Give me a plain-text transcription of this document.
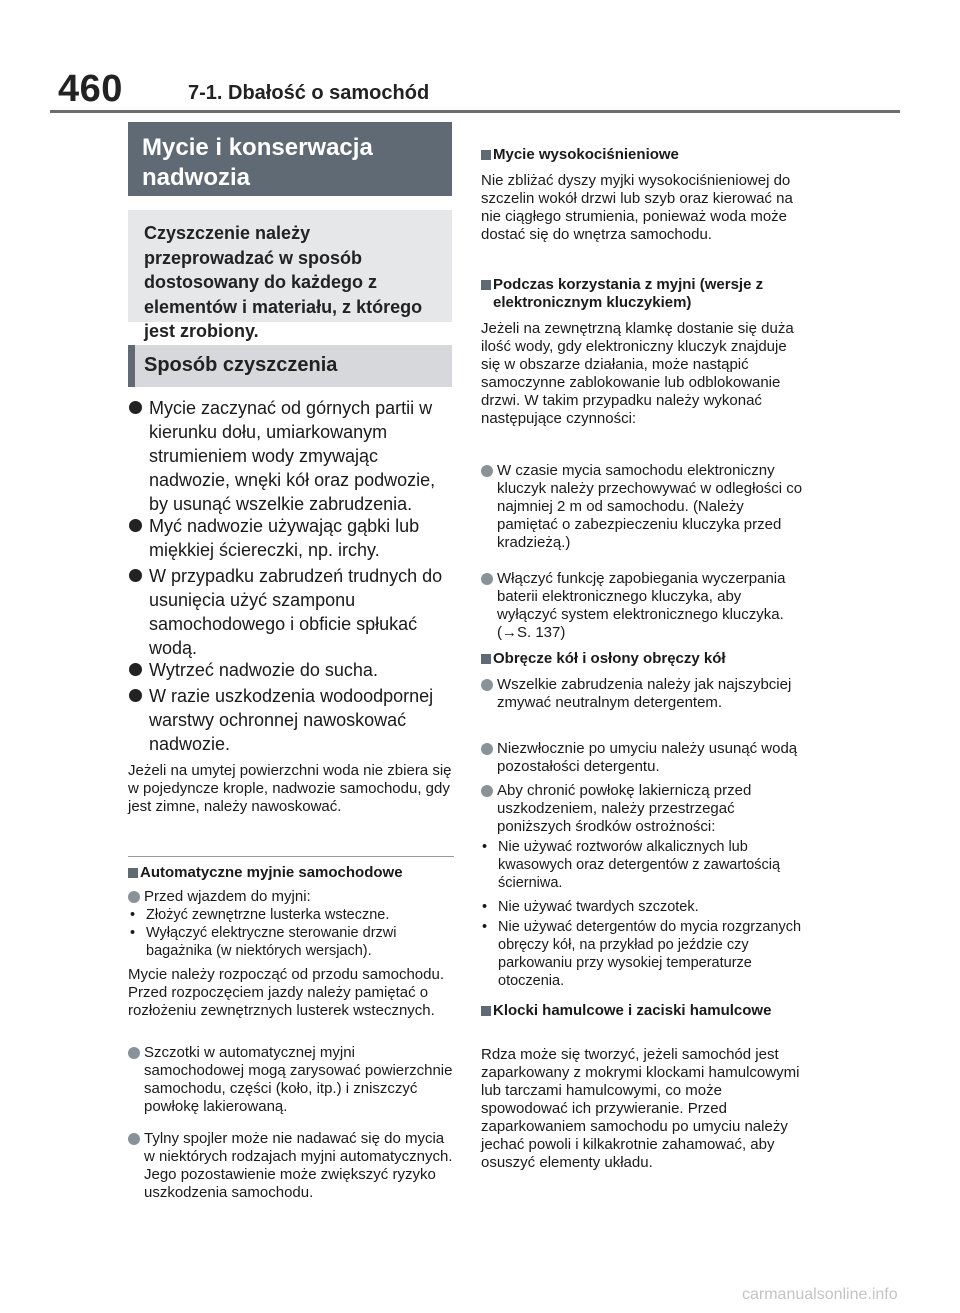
460	7-1. Dbałość o samochód
Mycie i konserwacja nadwozia
Czyszczenie należy przeprowadzać w sposób dostosowany do każdego z elementów i materiału, z którego jest zrobiony.
Sposób czyszczenia
Mycie zaczynać od górnych partii w kierunku dołu, umiarkowanym strumieniem wody zmywając nadwozie, wnęki kół oraz podwozie, by usunąć wszelkie zabrudzenia.
Myć nadwozie używając gąbki lub miękkiej ściereczki, np. irchy.
W przypadku zabrudzeń trudnych do usunięcia użyć szamponu samochodowego i obficie spłukać wodą.
Wytrzeć nadwozie do sucha.
W razie uszkodzenia wodoodpornej warstwy ochronnej nawoskować nadwozie.
Jeżeli na umytej powierzchni woda nie zbiera się w pojedyncze krople, nadwozie samochodu, gdy jest zimne, należy nawoskować.
Automatyczne myjnie samochodowe
Przed wjazdem do myjni:
• Złożyć zewnętrzne lusterka wsteczne.
• Wyłączyć elektryczne sterowanie drzwi bagażnika (w niektórych wersjach).
Mycie należy rozpocząć od przodu samochodu. Przed rozpoczęciem jazdy należy pamiętać o rozłożeniu zewnętrznych lusterek wstecznych.
Szczotki w automatycznej myjni samochodowej mogą zarysować powierzchnie samochodu, części (koło, itp.) i zniszczyć powłokę lakierowaną.
Tylny spojler może nie nadawać się do mycia w niektórych rodzajach myjni automatycznych. Jego pozostawienie może zwiększyć ryzyko uszkodzenia samochodu.
Mycie wysokociśnieniowe
Nie zbliżać dyszy myjki wysokociśnieniowej do szczelin wokół drzwi lub szyb oraz kierować na nie ciągłego strumienia, ponieważ woda może dostać się do wnętrza samochodu.
Podczas korzystania z myjni (wersje z elektronicznym kluczykiem)
Jeżeli na zewnętrzną klamkę dostanie się duża ilość wody, gdy elektroniczny kluczyk znajduje się w obszarze działania, może nastąpić samoczynne zablokowanie lub odblokowanie drzwi. W takim przypadku należy wykonać następujące czynności:
W czasie mycia samochodu elektroniczny kluczyk należy przechowywać w odległości co najmniej 2 m od samochodu. (Należy pamiętać o zabezpieczeniu kluczyka przed kradzieżą.)
Włączyć funkcję zapobiegania wyczerpania baterii elektronicznego kluczyka, aby wyłączyć system elektronicznego kluczyka. (→S. 137)
Obręcze kół i osłony obręczy kół
Wszelkie zabrudzenia należy jak najszybciej zmywać neutralnym detergentem.
Niezwłocznie po umyciu należy usunąć wodą pozostałości detergentu.
Aby chronić powłokę lakierniczą przed uszkodzeniem, należy przestrzegać poniższych środków ostrożności:
• Nie używać roztworów alkalicznych lub kwasowych oraz detergentów z zawartością ścierniwa.
• Nie używać twardych szczotek.
• Nie używać detergentów do mycia rozgrzanych obręczy kół, na przykład po jeździe czy parkowaniu przy wysokiej temperaturze otoczenia.
Klocki hamulcowe i zaciski hamulcowe
Rdza może się tworzyć, jeżeli samochód jest zaparkowany z mokrymi klockami hamulcowymi lub tarczami hamulcowymi, co może spowodować ich przywieranie. Przed zaparkowaniem samochodu po umyciu należy jechać powoli i kilkakrotnie zahamować, aby osuszyć elementy układu.
carmanualsonline.info
